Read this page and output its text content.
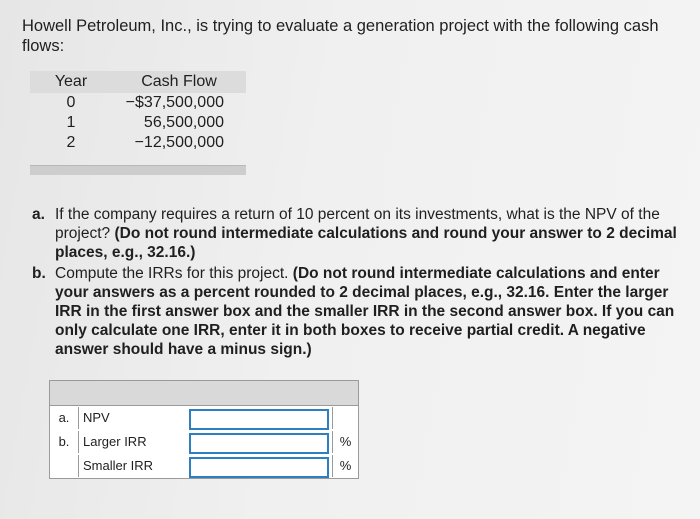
Howell Petroleum, Inc., is trying to evaluate a generation project with the following cash flows:
Year	Cash Flow
0	−$37,500,000
1	56,500,000
2	−12,500,000
a. If the company requires a return of 10 percent on its investments, what is the NPV of the project? (Do not round intermediate calculations and round your answer to 2 decimal places, e.g., 32.16.)
b. Compute the IRRs for this project. (Do not round intermediate calculations and enter your answers as a percent rounded to 2 decimal places, e.g., 32.16. Enter the larger IRR in the first answer box and the smaller IRR in the second answer box. If you can only calculate one IRR, enter it in both boxes to receive partial credit. A negative answer should have a minus sign.)
a.	NPV
b.	Larger IRR	%
Smaller IRR	%
